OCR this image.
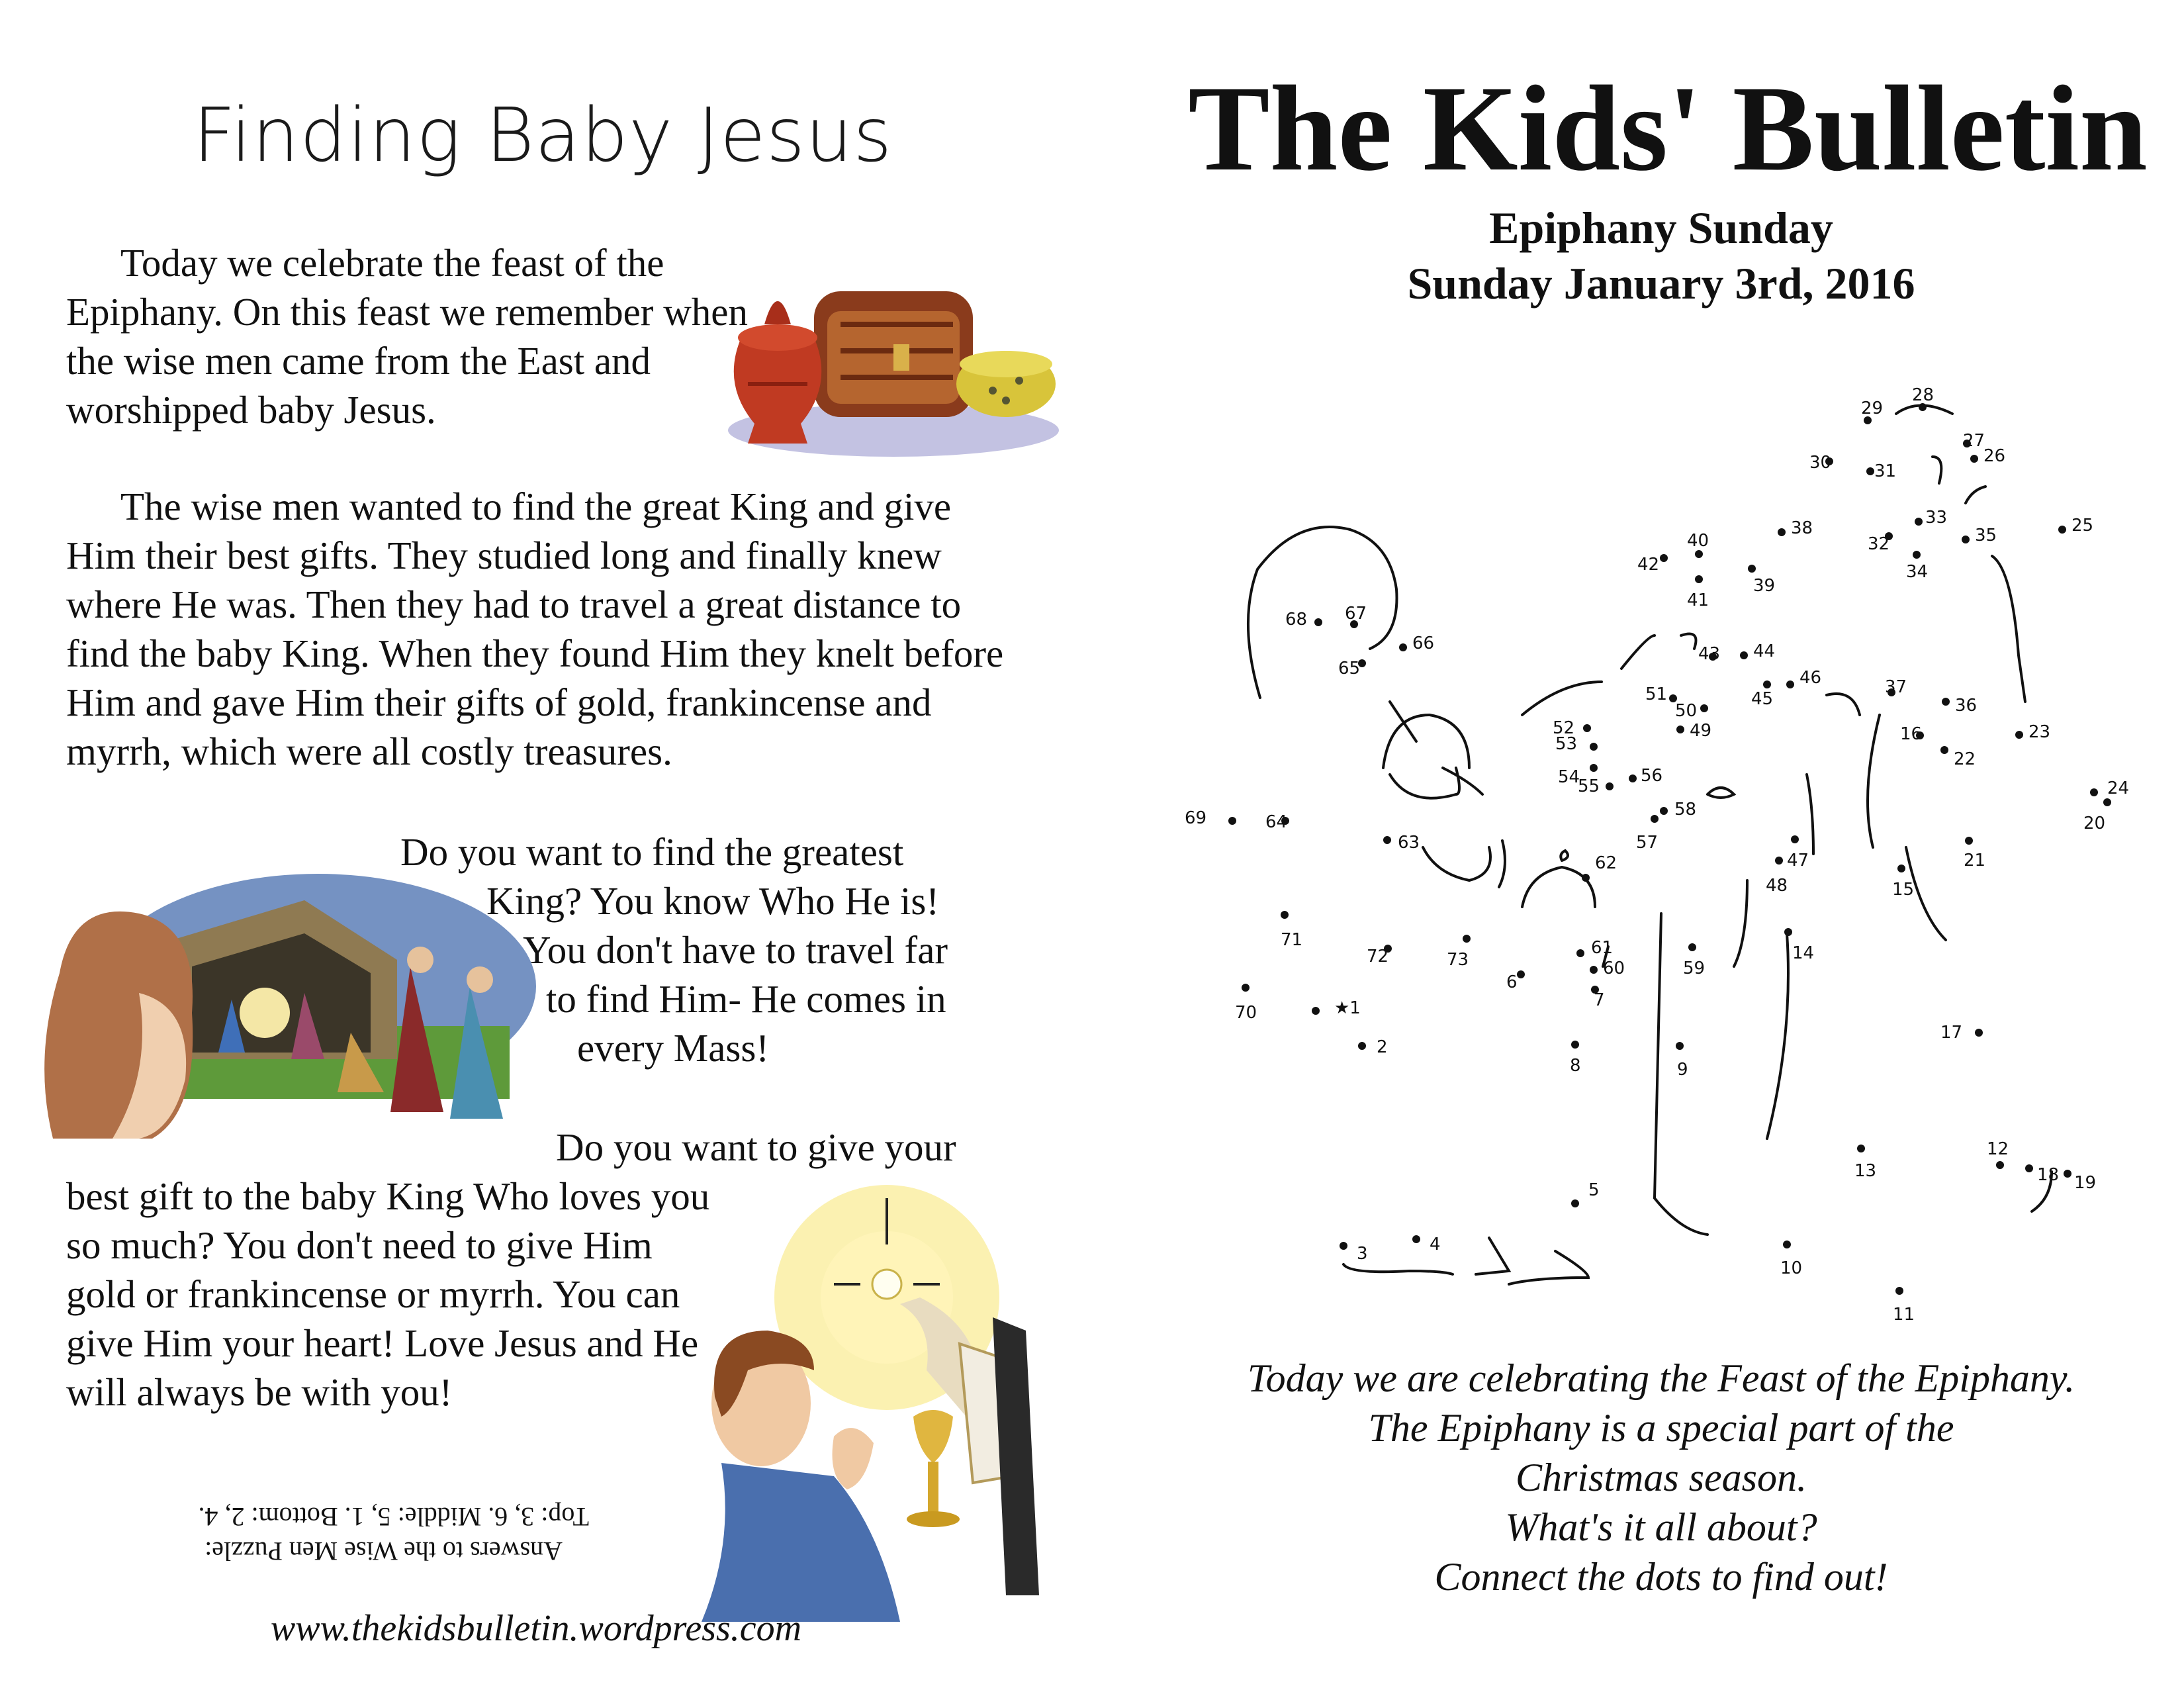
Finding Baby Jesus

Today we celebrate the feast of the Epiphany. On this feast we remember when the wise men came from the East and worshipped baby Jesus.

The wise men wanted to find the great King and give Him their best gifts. They studied long and finally knew where He was. Then they had to travel a great distance to find the baby King. When they found Him they knelt before Him and gave Him their gifts of gold, frankincense and myrrh, which were all costly treasures.

Do you want to find the greatest
King? You know Who He is!
You don't have to travel far
to find Him- He comes in
every Mass!
Do you want to give your

best gift to the baby King Who loves you so much? You don't need to give Him gold or frankincense or myrrh. You can give Him your heart! Love Jesus and He will always be with you!

Answers to the Wise Men Puzzle:
Top: 3, 6. Middle: 5, 1. Bottom: 2, 4.
www.thekidsbulletin.wordpress.com
The Kids' Bulletin
Epiphany Sunday
Sunday January 3rd, 2016
★1
2
3	4
5
6
7
8	9
10
11
12
13
14
15
16
17
18 19
20
21
22
23
24
25
26
27
28
29
30 31
32
33
34
35
36
37
38
39
40
41
42
43 44
45
46
47
48
49
50
51
52
53
54
55
56
57
58
59
60
61
62
63
64
65
66
67
68
69
70
71
72	73
Today we are celebrating the Feast of the Epiphany.
The Epiphany is a special part of the
Christmas season.
What's it all about?
Connect the dots to find out!
